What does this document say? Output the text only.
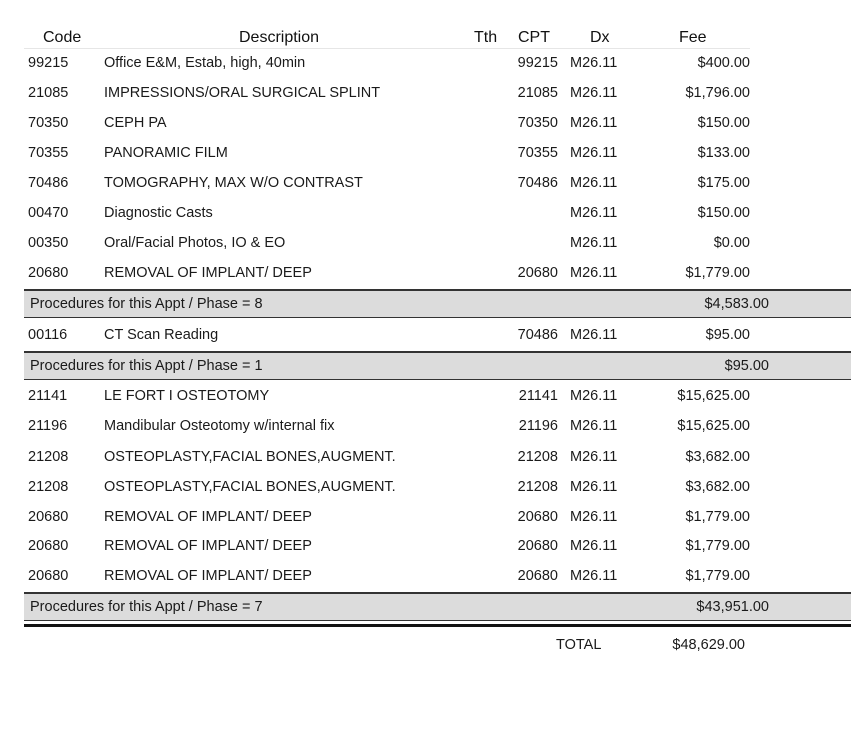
Code	Description	Tth CPT	Dx	Fee
99215 Office E&M, Estab, high, 40min	99215 M26.11	$400.00
21085 IMPRESSIONS/ORAL SURGICAL SPLINT	21085 M26.11	$1,796.00
70350 CEPH PA	70350 M26.11	$150.00
70355 PANORAMIC FILM	70355 M26.11	$133.00
70486 TOMOGRAPHY, MAX W/O CONTRAST	70486 M26.11	$175.00
00470 Diagnostic Casts	M26.11	$150.00
00350 Oral/Facial Photos, IO & EO	M26.11	$0.00
20680 REMOVAL OF IMPLANT/ DEEP	20680 M26.11	$1,779.00
Procedures for this Appt / Phase = 8	$4,583.00
00116	CT Scan Reading	70486 M26.11	$95.00
Procedures for this Appt / Phase = 1	$95.00
21141	LE FORT I OSTEOTOMY	21141 M26.11	$15,625.00
21196	Mandibular Osteotomy w/internal fix	21196 M26.11	$15,625.00
21208 OSTEOPLASTY,FACIAL BONES,AUGMENT.	21208 M26.11	$3,682.00
21208 OSTEOPLASTY,FACIAL BONES,AUGMENT.	21208 M26.11	$3,682.00
20680 REMOVAL OF IMPLANT/ DEEP	20680 M26.11	$1,779.00
20680 REMOVAL OF IMPLANT/ DEEP	20680 M26.11	$1,779.00
20680 REMOVAL OF IMPLANT/ DEEP	20680 M26.11	$1,779.00
Procedures for this Appt / Phase = 7	$43,951.00
TOTAL	$48,629.00
